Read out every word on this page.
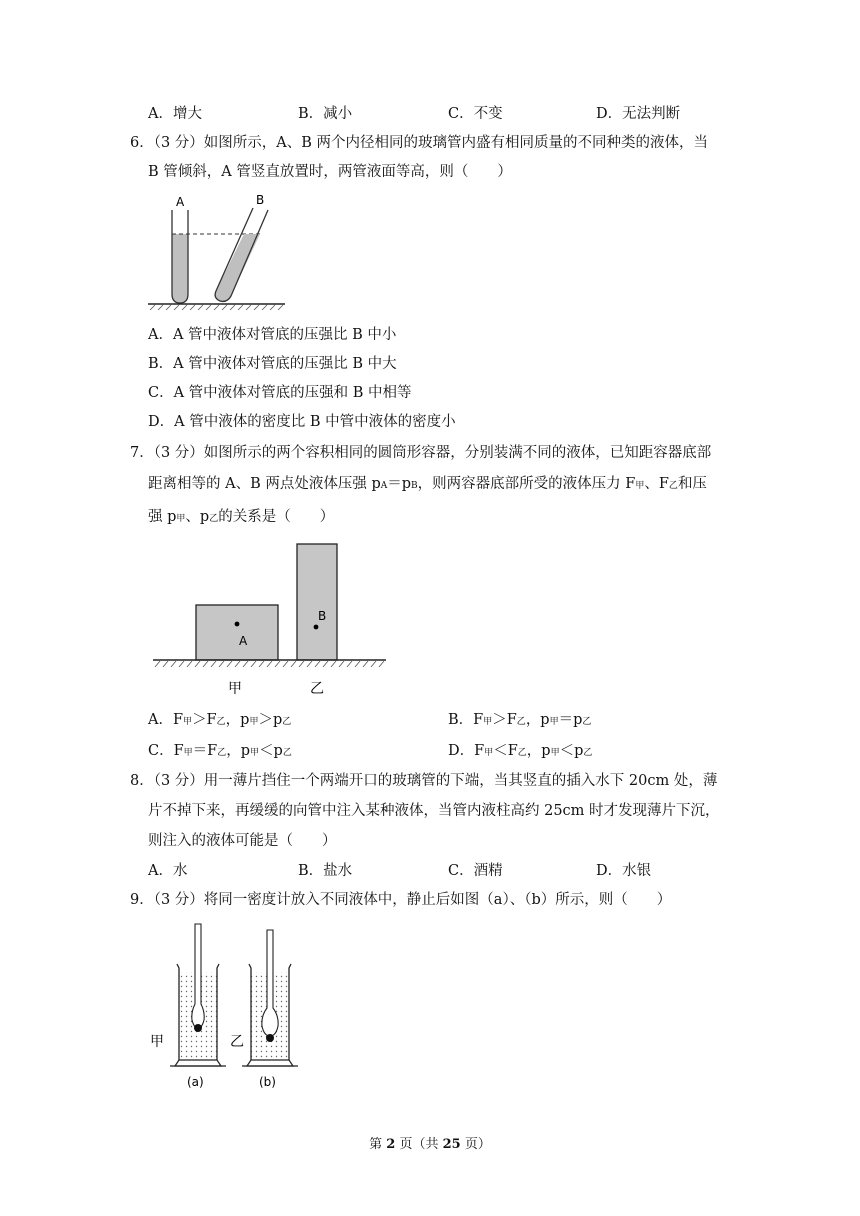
A．增大	B．减小	C．不变	D．无法判断
6．（3 分）如图所示，A、B 两个内径相同的玻璃管内盛有相同质量的不同种类的液体，当
B 管倾斜，A 管竖直放置时，两管液面等高，则（　　）
A	B
A．A 管中液体对管底的压强比 B 中小
B．A 管中液体对管底的压强比 B 中大
C．A 管中液体对管底的压强和 B 中相等
D．A 管中液体的密度比 B 中管中液体的密度小
7．（3 分）如图所示的两个容积相同的圆筒形容器，分别装满不同的液体，已知距容器底部
距离相等的 A、B 两点处液体压强 pA＝pB，则两容器底部所受的液体压力 F甲、F乙和压
强 p甲、p乙的关系是（　　）
A
B
甲	乙
A．F甲＞F乙，p甲＞p乙	B．F甲＞F乙，p甲＝p乙
C．F甲＝F乙，p甲＜p乙	D．F甲＜F乙，p甲＜p乙
8．（3 分）用一薄片挡住一个两端开口的玻璃管的下端，当其竖直的插入水下 20cm 处，薄
片不掉下来，再缓缓的向管中注入某种液体，当管内液柱高约 25cm 时才发现薄片下沉，
则注入的液体可能是（　　）
A．水	B．盐水	C．酒精	D．水银
9．（3 分）将同一密度计放入不同液体中，静止后如图（a）、（b）所示，则（　　）
甲
(a)
乙
(b)
第 2 页（共 25 页）
